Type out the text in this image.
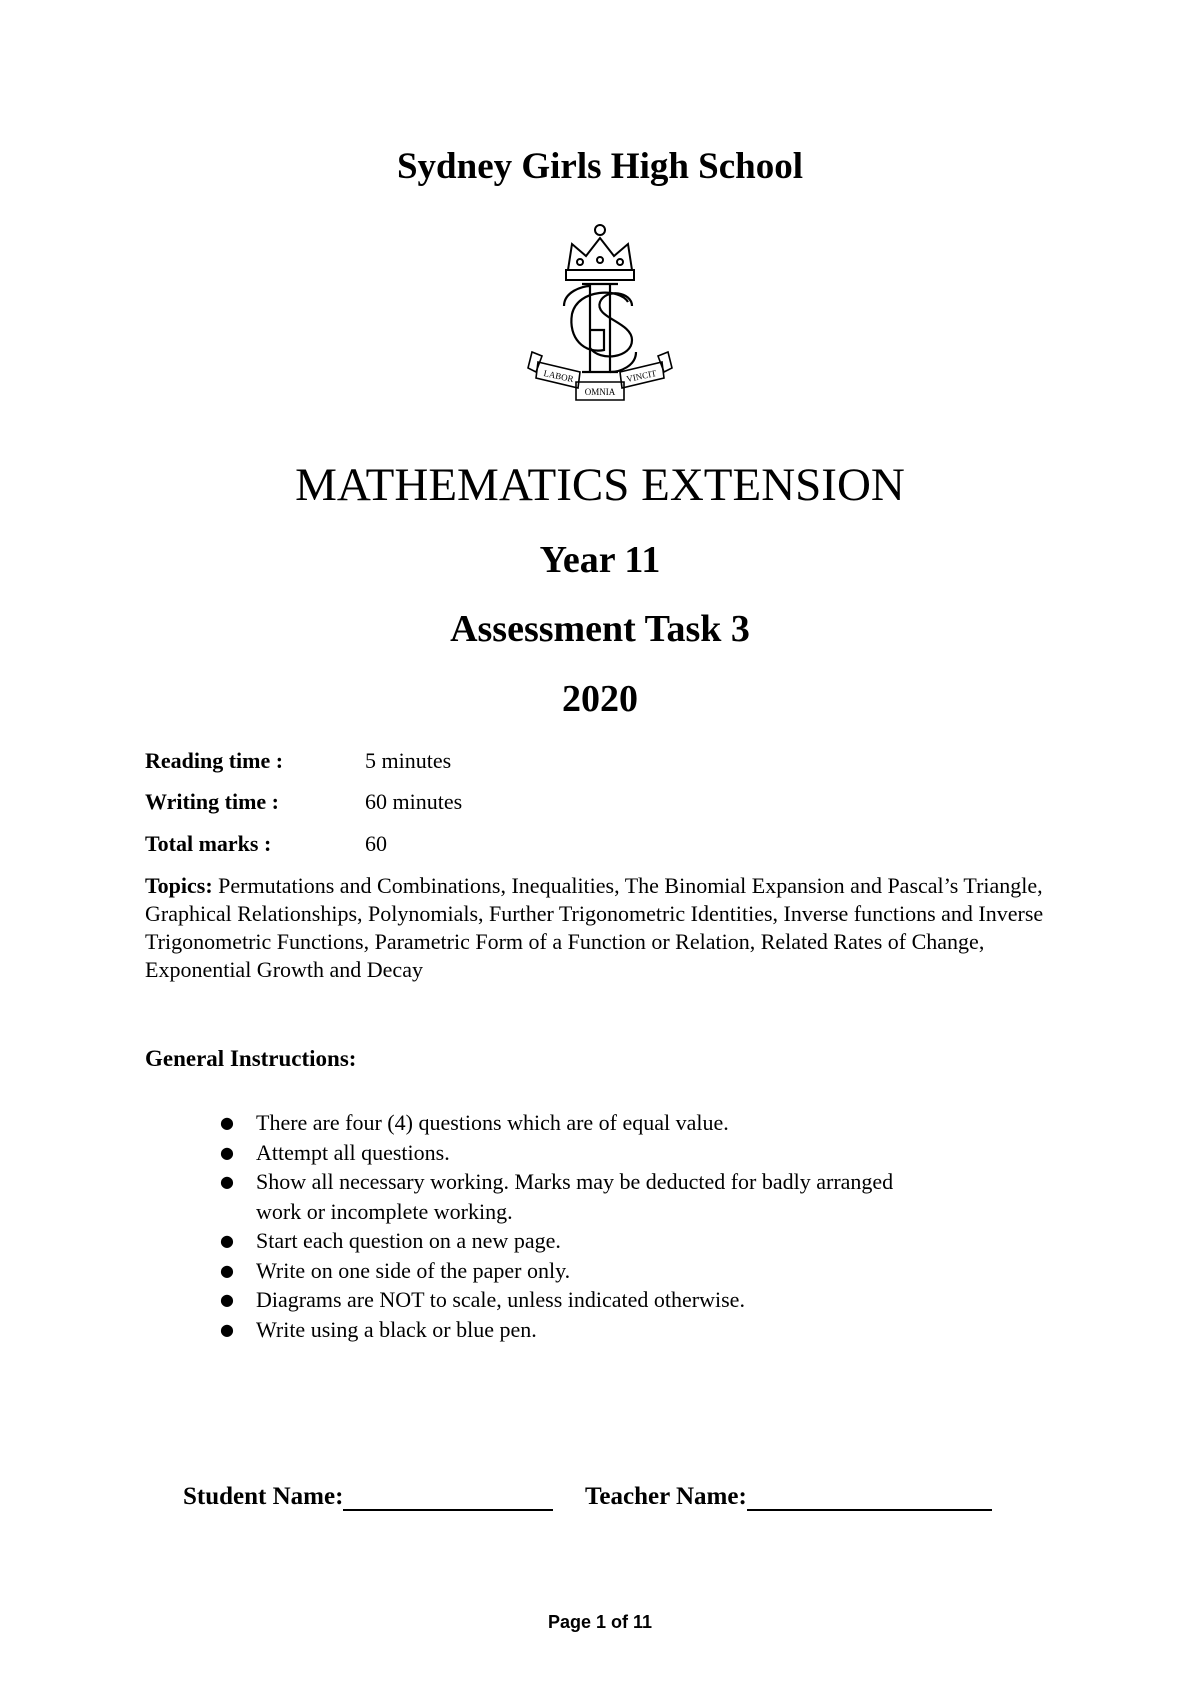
Sydney Girls High School
LABOR
OMNIA
VINCIT
MATHEMATICS EXTENSION
Year 11
Assessment Task 3
2020
Reading time :	5 minutes
Writing time :	60 minutes
Total marks :	60
Topics: Permutations and Combinations, Inequalities, The Binomial Expansion and Pascal’s Triangle, Graphical Relationships, Polynomials, Further Trigonometric Identities, Inverse functions and Inverse Trigonometric Functions, Parametric Form of a Function or Relation, Related Rates of Change, Exponential Growth and Decay
General Instructions:
● There are four (4) questions which are of equal value.
● Attempt all questions.
● Show all necessary working. Marks may be deducted for badly arranged work or incomplete working.
● Start each question on a new page.
● Write on one side of the paper only.
● Diagrams are NOT to scale, unless indicated otherwise.
● Write using a black or blue pen.
Student Name:	Teacher Name:
Page 1 of 11
